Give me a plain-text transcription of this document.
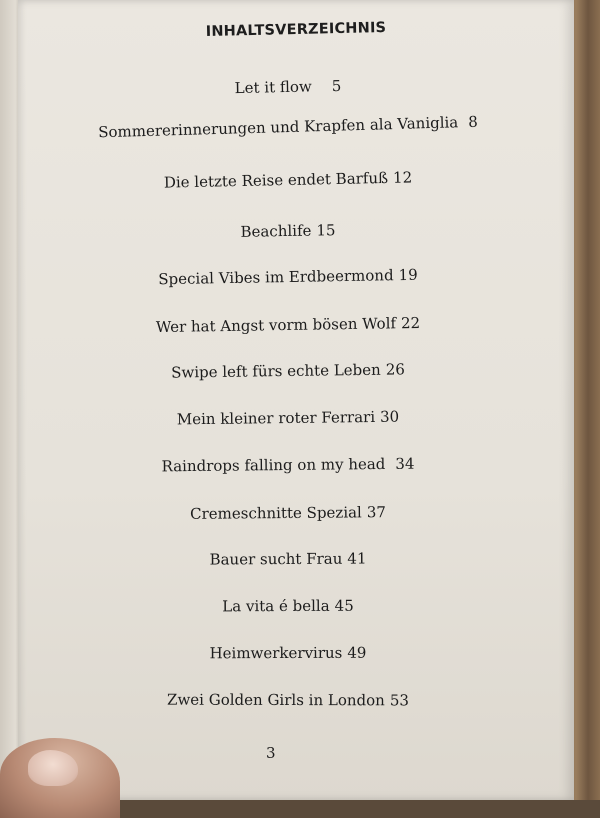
INHALTSVERZEICHNIS
Let it flow 5
Sommererinnerungen und Krapfen ala Vaniglia 8
Die letzte Reise endet Barfuß 12
Beachlife 15
Special Vibes im Erdbeermond 19
Wer hat Angst vorm bösen Wolf 22
Swipe left fürs echte Leben 26
Mein kleiner roter Ferrari 30
Raindrops falling on my head 34
Cremeschnitte Spezial 37
Bauer sucht Frau 41
La vita é bella 45
Heimwerkervirus 49
Zwei Golden Girls in London 53
3
